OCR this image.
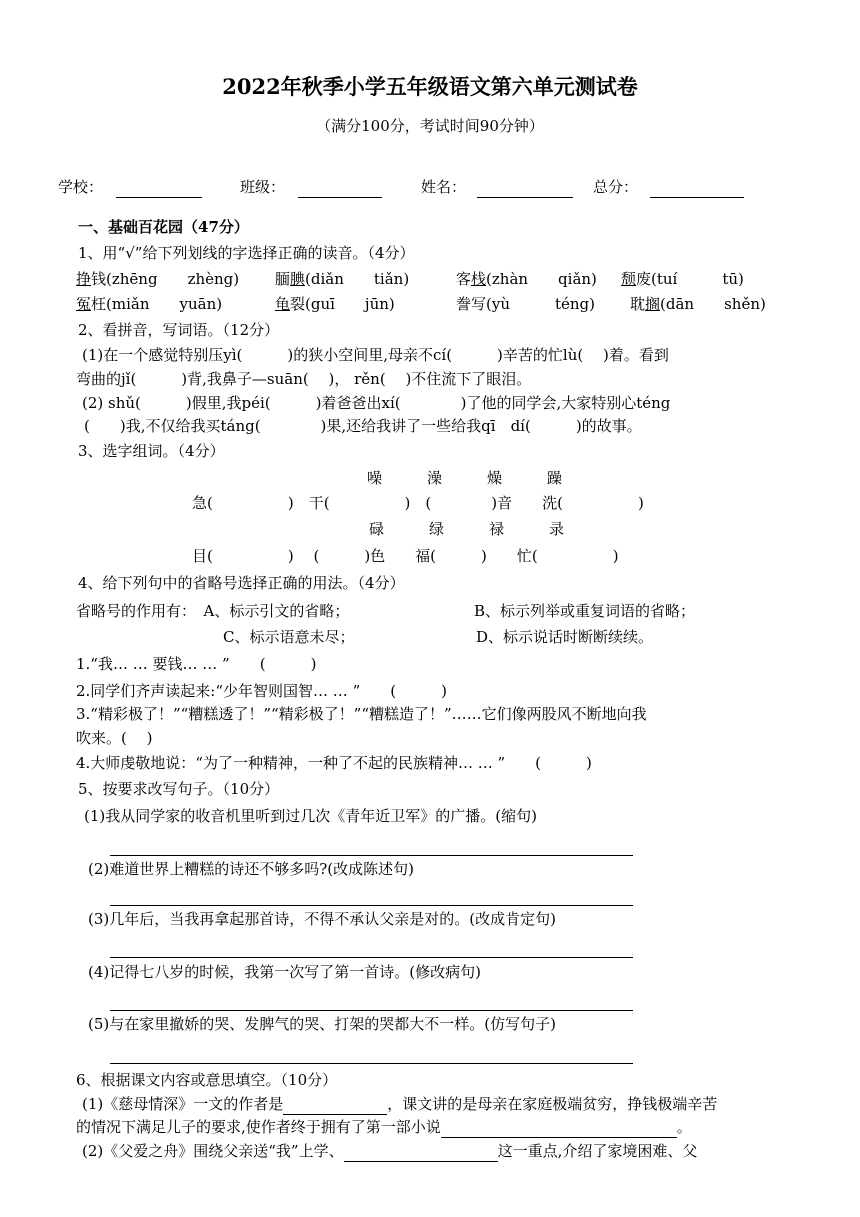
2022年秋季小学五年级语文第六单元测试卷
（满分100分，考试时间90分钟）
学校：	班级：	姓名：	总分：
一、基础百花园（47分）
1、用“√”给下列划线的字选择正确的读音。（4分）
挣钱(zhēng　　zhèng) 腼腆(diǎn　　tiǎn)	客栈(zhàn　　qiǎn) 颓废(tuí　　　tū)
冤枉(miǎn　　yuān)	龟裂(guī　　jūn)	誊写(yù　　　téng) 耽搁(dān　　shěn)
2、看拼音，写词语。（12分）
(1)在一个感觉特别压yì(　　　)的狭小空间里,母亲不cí(　　　)辛苦的忙lù(　 )着。看到
弯曲的jǐ(　　　)背,我鼻子—suān(　 )， rěn(　 )不住流下了眼泪。
(2) shǔ(　　　)假里,我péi(　　　)着爸爸出xí(　　　　)了他的同学会,大家特别心téng
(　　)我,不仅给我买táng(　　　　)果,还给我讲了一些给我qī　dí(　　　)的故事。
3、选字组词。（4分）
噪　　　澡　　　燥　　　躁
急(　　　　　)　干(　　　　　)　(　　　　)音　　洗(　　　　　)
碌　　　绿　　　禄　　　录
目(　　　　　)　 (　　　)色　　福(　　　)　　忙(　　　　　)
4、给下列句中的省略号选择正确的用法。（4分）
省略号的作用有：　A、标示引文的省略；	B、标示列举或重复词语的省略；
C、标示语意未尽；	D、标示说话时断断续续。
1.“我… … 要钱… … ”　　(　　　)
2.同学们齐声读起来:“少年智则国智… … ”　　(　　　)
3.“精彩极了！”“糟糕透了！”“精彩极了！”“糟糕造了！”……它们像两股风不断地向我
吹来。(　 )
4.大师虔敬地说：“为了一种精神，一种了不起的民族精神… … ”　　(　　　)
5、按要求改写句子。（10分）
(1)我从同学家的收音机里听到过几次《青年近卫军》的广播。(缩句)
(2)难道世界上糟糕的诗还不够多吗?(改成陈述句)
(3)几年后，当我再拿起那首诗，不得不承认父亲是对的。(改成肯定句)
(4)记得七八岁的时候，我第一次写了第一首诗。(修改病句)
(5)与在家里撤娇的哭、发脾气的哭、打架的哭都大不一样。(仿写句子)
6、根据课文内容或意思填空。（10分）
(1)《慈母情深》一文的作者是	，课文讲的是母亲在家庭极端贫穷，挣钱极端辛苦
的情况下满足儿子的要求,使作者终于拥有了第一部小说	。
(2)《父爱之舟》围绕父亲送“我”上学、	这一重点,介绍了家境困难、父
